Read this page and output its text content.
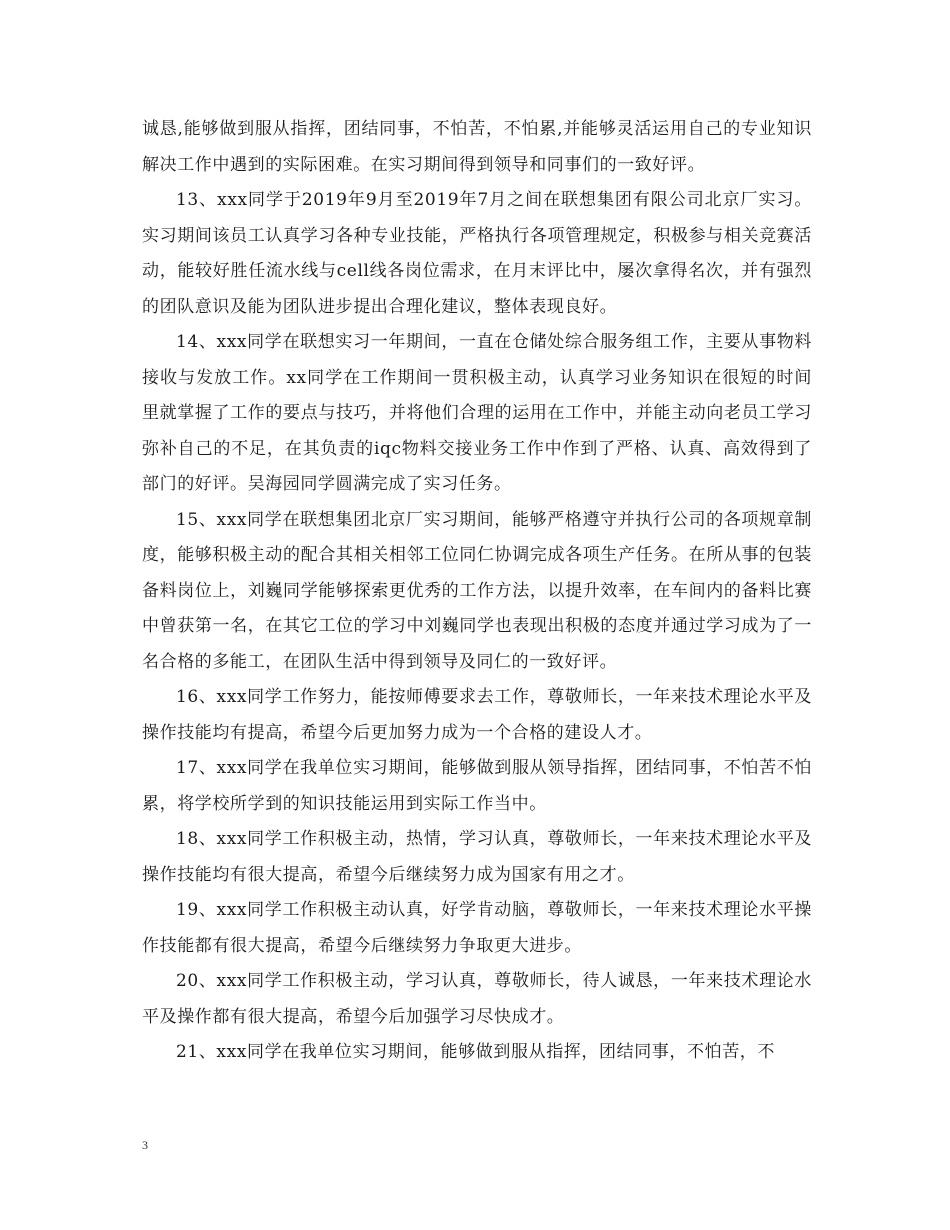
诚恳,能够做到服从指挥，团结同事，不怕苦，不怕累,并能够灵活运用自己的专业知识解决工作中遇到的实际困难。在实习期间得到领导和同事们的一致好评。

13、xxx同学于2019年9月至2019年7月之间在联想集团有限公司北京厂实习。实习期间该员工认真学习各种专业技能，严格执行各项管理规定，积极参与相关竞赛活动，能较好胜任流水线与cell线各岗位需求，在月末评比中，屡次拿得名次，并有强烈的团队意识及能为团队进步提出合理化建议，整体表现良好。

14、xxx同学在联想实习一年期间，一直在仓储处综合服务组工作，主要从事物料接收与发放工作。xx同学在工作期间一贯积极主动，认真学习业务知识在很短的时间里就掌握了工作的要点与技巧，并将他们合理的运用在工作中，并能主动向老员工学习弥补自己的不足，在其负责的iqc物料交接业务工作中作到了严格、认真、高效得到了部门的好评。吴海园同学圆满完成了实习任务。

15、xxx同学在联想集团北京厂实习期间，能够严格遵守并执行公司的各项规章制度，能够积极主动的配合其相关相邻工位同仁协调完成各项生产任务。在所从事的包装备料岗位上，刘巍同学能够探索更优秀的工作方法，以提升效率，在车间内的备料比赛中曾获第一名，在其它工位的学习中刘巍同学也表现出积极的态度并通过学习成为了一名合格的多能工，在团队生活中得到领导及同仁的一致好评。

16、xxx同学工作努力，能按师傅要求去工作，尊敬师长，一年来技术理论水平及操作技能均有提高，希望今后更加努力成为一个合格的建设人才。

17、xxx同学在我单位实习期间，能够做到服从领导指挥，团结同事，不怕苦不怕累，将学校所学到的知识技能运用到实际工作当中。

18、xxx同学工作积极主动，热情，学习认真，尊敬师长，一年来技术理论水平及操作技能均有很大提高，希望今后继续努力成为国家有用之才。

19、xxx同学工作积极主动认真，好学肯动脑，尊敬师长，一年来技术理论水平操作技能都有很大提高，希望今后继续努力争取更大进步。

20、xxx同学工作积极主动，学习认真，尊敬师长，待人诚恳，一年来技术理论水平及操作都有很大提高，希望今后加强学习尽快成才。

21、xxx同学在我单位实习期间，能够做到服从指挥，团结同事，不怕苦，不

3
